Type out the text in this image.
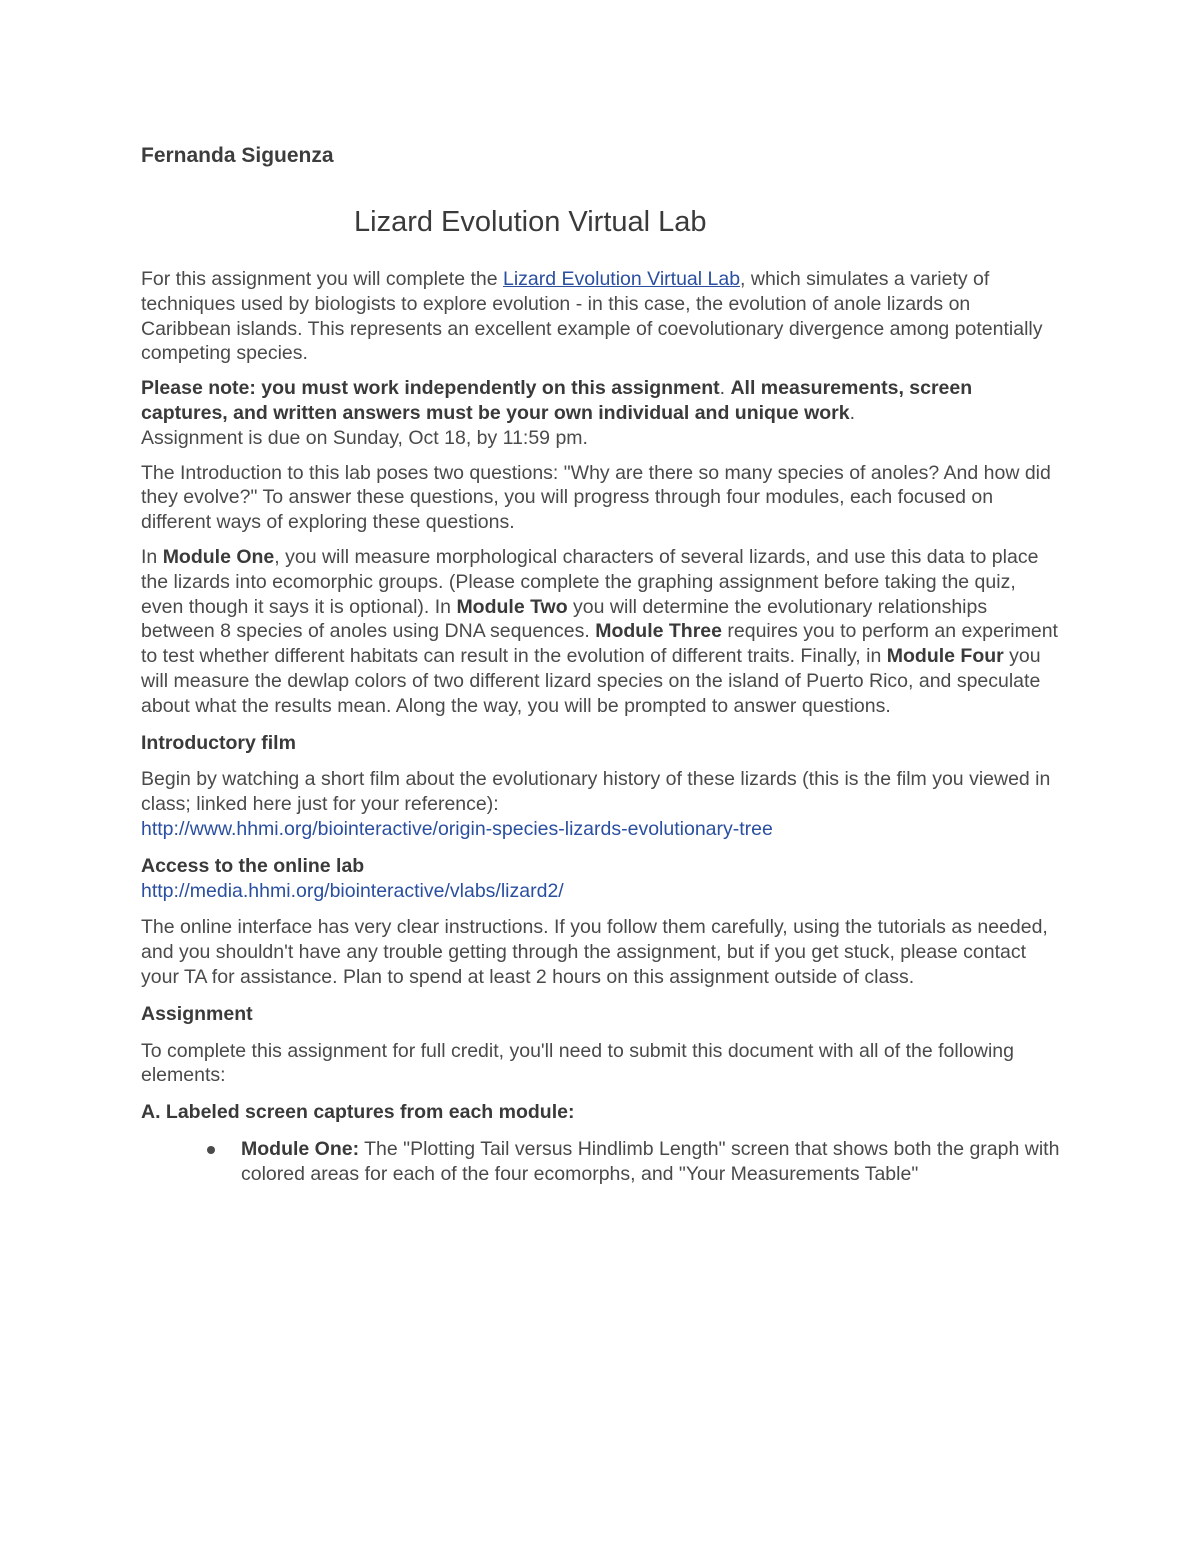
Fernanda Siguenza

Lizard Evolution Virtual Lab

For this assignment you will complete the Lizard Evolution Virtual Lab, which simulates a variety of techniques used by biologists to explore evolution - in this case, the evolution of anole lizards on Caribbean islands. This represents an excellent example of coevolutionary divergence among potentially competing species.

Please note: you must work independently on this assignment. All measurements, screen captures, and written answers must be your own individual and unique work.
Assignment is due on Sunday, Oct 18, by 11:59 pm.

The Introduction to this lab poses two questions: "Why are there so many species of anoles? And how did they evolve?" To answer these questions, you will progress through four modules, each focused on different ways of exploring these questions.

In Module One, you will measure morphological characters of several lizards, and use this data to place the lizards into ecomorphic groups. (Please complete the graphing assignment before taking the quiz, even though it says it is optional). In Module Two you will determine the evolutionary relationships between 8 species of anoles using DNA sequences. Module Three requires you to perform an experiment to test whether different habitats can result in the evolution of different traits. Finally, in Module Four you will measure the dewlap colors of two different lizard species on the island of Puerto Rico, and speculate about what the results mean. Along the way, you will be prompted to answer questions.

Introductory film

Begin by watching a short film about the evolutionary history of these lizards (this is the film you viewed in class; linked here just for your reference):
http://www.hhmi.org/biointeractive/origin-species-lizards-evolutionary-tree

Access to the online lab

http://media.hhmi.org/biointeractive/vlabs/lizard2/

The online interface has very clear instructions. If you follow them carefully, using the tutorials as needed, and you shouldn't have any trouble getting through the assignment, but if you get stuck, please contact your TA for assistance. Plan to spend at least 2 hours on this assignment outside of class.

Assignment

To complete this assignment for full credit, you'll need to submit this document with all of the following elements:

A. Labeled screen captures from each module:

Module One: The "Plotting Tail versus Hindlimb Length" screen that shows both the graph with colored areas for each of the four ecomorphs, and "Your Measurements Table"
